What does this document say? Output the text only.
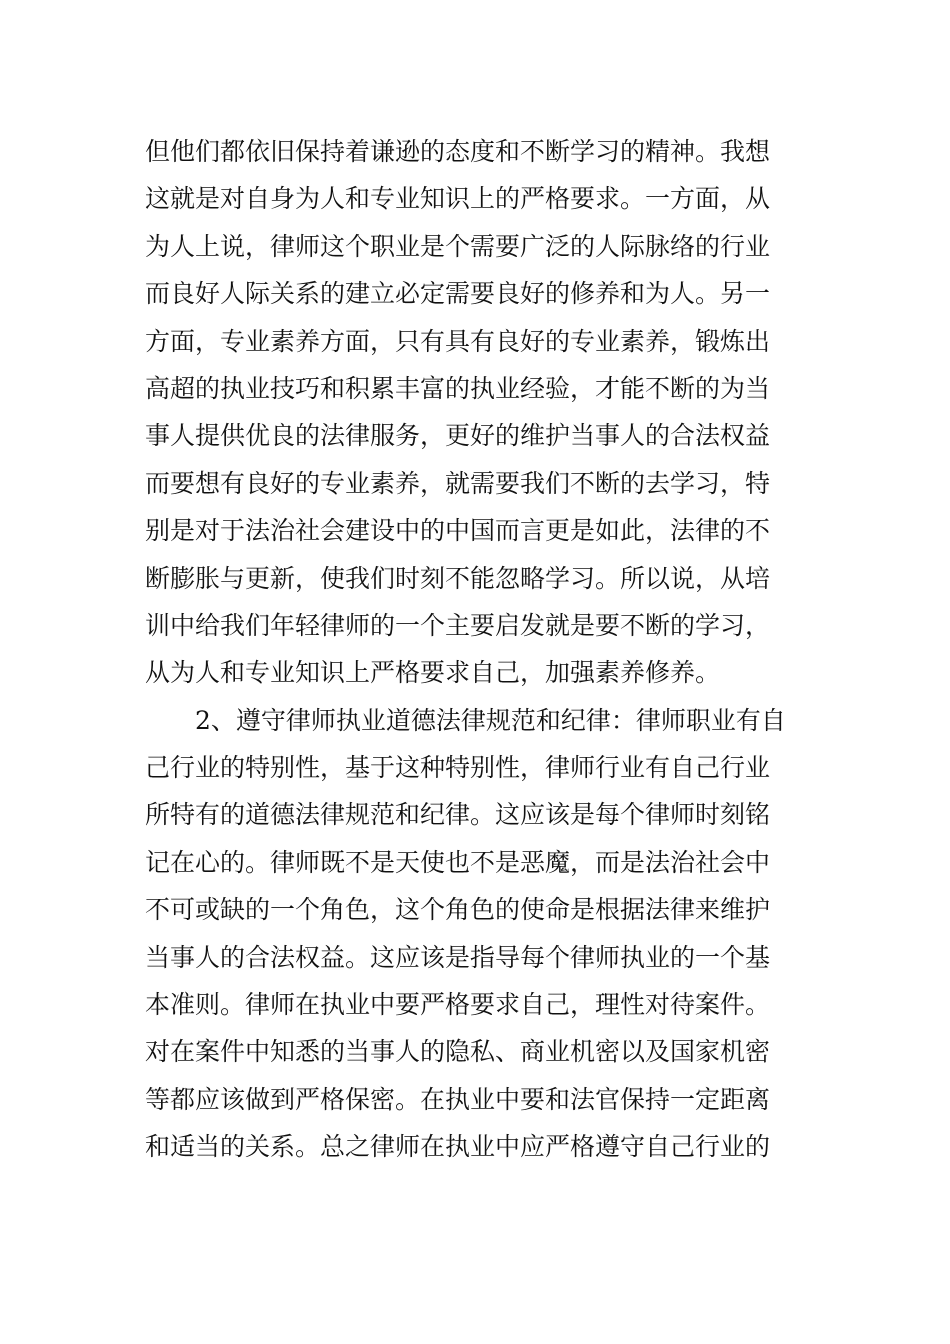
但他们都依旧保持着谦逊的态度和不断学习的精神。我想
这就是对自身为人和专业知识上的严格要求。一方面，从
为人上说，律师这个职业是个需要广泛的人际脉络的行业
而良好人际关系的建立必定需要良好的修养和为人。另一
方面，专业素养方面，只有具有良好的专业素养，锻炼出
高超的执业技巧和积累丰富的执业经验，才能不断的为当
事人提供优良的法律服务，更好的维护当事人的合法权益
而要想有良好的专业素养，就需要我们不断的去学习，特
别是对于法治社会建设中的中国而言更是如此，法律的不
断膨胀与更新，使我们时刻不能忽略学习。所以说，从培
训中给我们年轻律师的一个主要启发就是要不断的学习，
从为人和专业知识上严格要求自己，加强素养修养。
2、遵守律师执业道德法律规范和纪律：律师职业有自
己行业的特别性，基于这种特别性，律师行业有自己行业
所特有的道德法律规范和纪律。这应该是每个律师时刻铭
记在心的。律师既不是天使也不是恶魔，而是法治社会中
不可或缺的一个角色，这个角色的使命是根据法律来维护
当事人的合法权益。这应该是指导每个律师执业的一个基
本准则。律师在执业中要严格要求自己，理性对待案件。
对在案件中知悉的当事人的隐私、商业机密以及国家机密
等都应该做到严格保密。在执业中要和法官保持一定距离
和适当的关系。总之律师在执业中应严格遵守自己行业的
